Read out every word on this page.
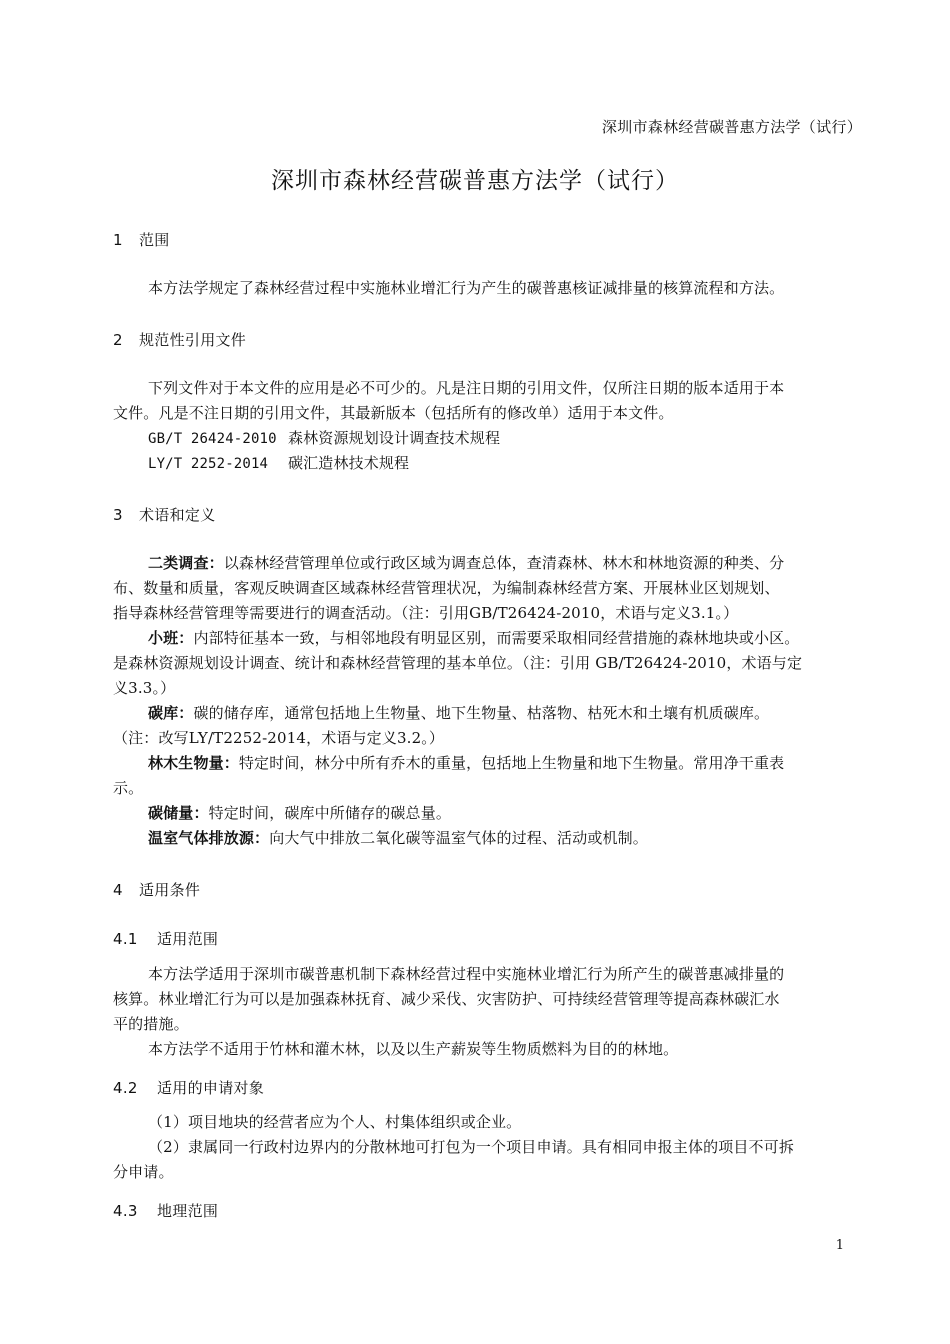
深圳市森林经营碳普惠方法学（试行）
深圳市森林经营碳普惠方法学（试行）
1 范围
本方法学规定了森林经营过程中实施林业增汇行为产生的碳普惠核证减排量的核算流程和方法。
2 规范性引用文件
下列文件对于本文件的应用是必不可少的。凡是注日期的引用文件，仅所注日期的版本适用于本
文件。凡是不注日期的引用文件，其最新版本（包括所有的修改单）适用于本文件。
GB/T 26424-2010 森林资源规划设计调查技术规程
LY/T 2252-2014 碳汇造林技术规程
3 术语和定义
二类调查：以森林经营管理单位或行政区域为调查总体，查清森林、林木和林地资源的种类、分
布、数量和质量，客观反映调查区域森林经营管理状况，为编制森林经营方案、开展林业区划规划、
指导森林经营管理等需要进行的调查活动。（注：引用GB/T26424-2010，术语与定义3.1。）
小班：内部特征基本一致，与相邻地段有明显区别，而需要采取相同经营措施的森林地块或小区。
是森林资源规划设计调查、统计和森林经营管理的基本单位。（注：引用 GB/T26424-2010，术语与定
义3.3。）
碳库：碳的储存库，通常包括地上生物量、地下生物量、枯落物、枯死木和土壤有机质碳库。
（注：改写LY/T2252-2014，术语与定义3.2。）
林木生物量：特定时间，林分中所有乔木的重量，包括地上生物量和地下生物量。常用净干重表
示。
碳储量：特定时间，碳库中所储存的碳总量。
温室气体排放源：向大气中排放二氧化碳等温室气体的过程、活动或机制。
4 适用条件
4.1 适用范围
本方法学适用于深圳市碳普惠机制下森林经营过程中实施林业增汇行为所产生的碳普惠减排量的
核算。林业增汇行为可以是加强森林抚育、减少采伐、灾害防护、可持续经营管理等提高森林碳汇水
平的措施。
本方法学不适用于竹林和灌木林，以及以生产薪炭等生物质燃料为目的的林地。
4.2 适用的申请对象
（1）项目地块的经营者应为个人、村集体组织或企业。
（2）隶属同一行政村边界内的分散林地可打包为一个项目申请。具有相同申报主体的项目不可拆
分申请。
4.3 地理范围
1
